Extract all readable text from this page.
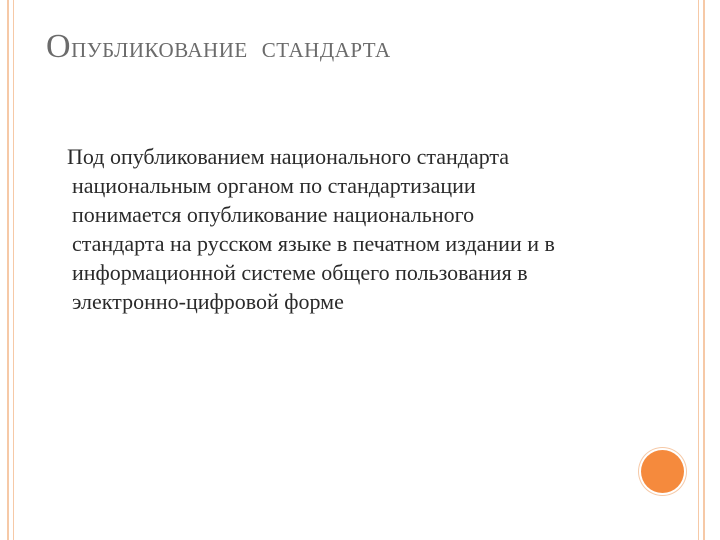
ОПУБЛИКОВАНИЕ СТАНДАРТА
Под опубликованием национального стандарта
национальным органом по стандартизации
понимается опубликование национального
стандарта на русском языке в печатном издании и в
информационной системе общего пользования в
электронно-цифровой форме
